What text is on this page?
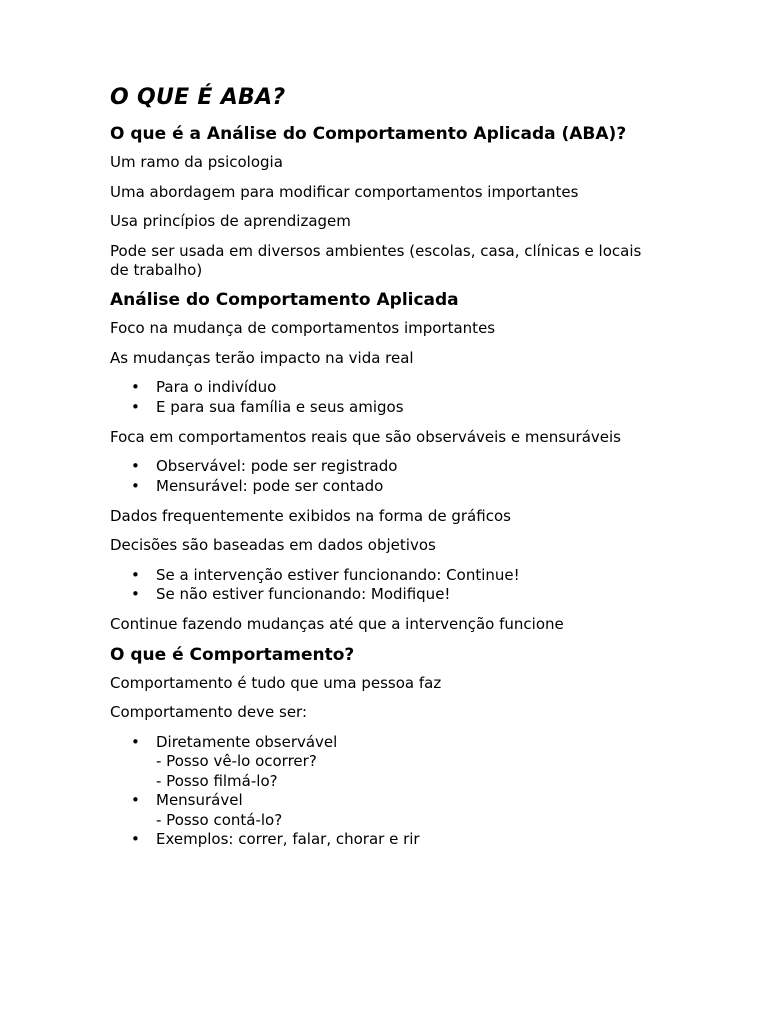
O QUE É ABA?
O que é a Análise do Comportamento Aplicada (ABA)?

Um ramo da psicologia

Uma abordagem para modificar comportamentos importantes

Usa princípios de aprendizagem

Pode ser usada em diversos ambientes (escolas, casa, clínicas e locais de trabalho)

Análise do Comportamento Aplicada

Foco na mudança de comportamentos importantes

As mudanças terão impacto na vida real

• Para o indivíduo
• E para sua família e seus amigos

Foca em comportamentos reais que são observáveis e mensuráveis

• Observável: pode ser registrado
• Mensurável: pode ser contado

Dados frequentemente exibidos na forma de gráficos

Decisões são baseadas em dados objetivos

• Se a intervenção estiver funcionando: Continue!
• Se não estiver funcionando: Modifique!

Continue fazendo mudanças até que a intervenção funcione

O que é Comportamento?

Comportamento é tudo que uma pessoa faz

Comportamento deve ser:

• Diretamente observável
- Posso vê-lo ocorrer?
- Posso filmá-lo?
• Mensurável
- Posso contá-lo?
• Exemplos: correr, falar, chorar e rir
